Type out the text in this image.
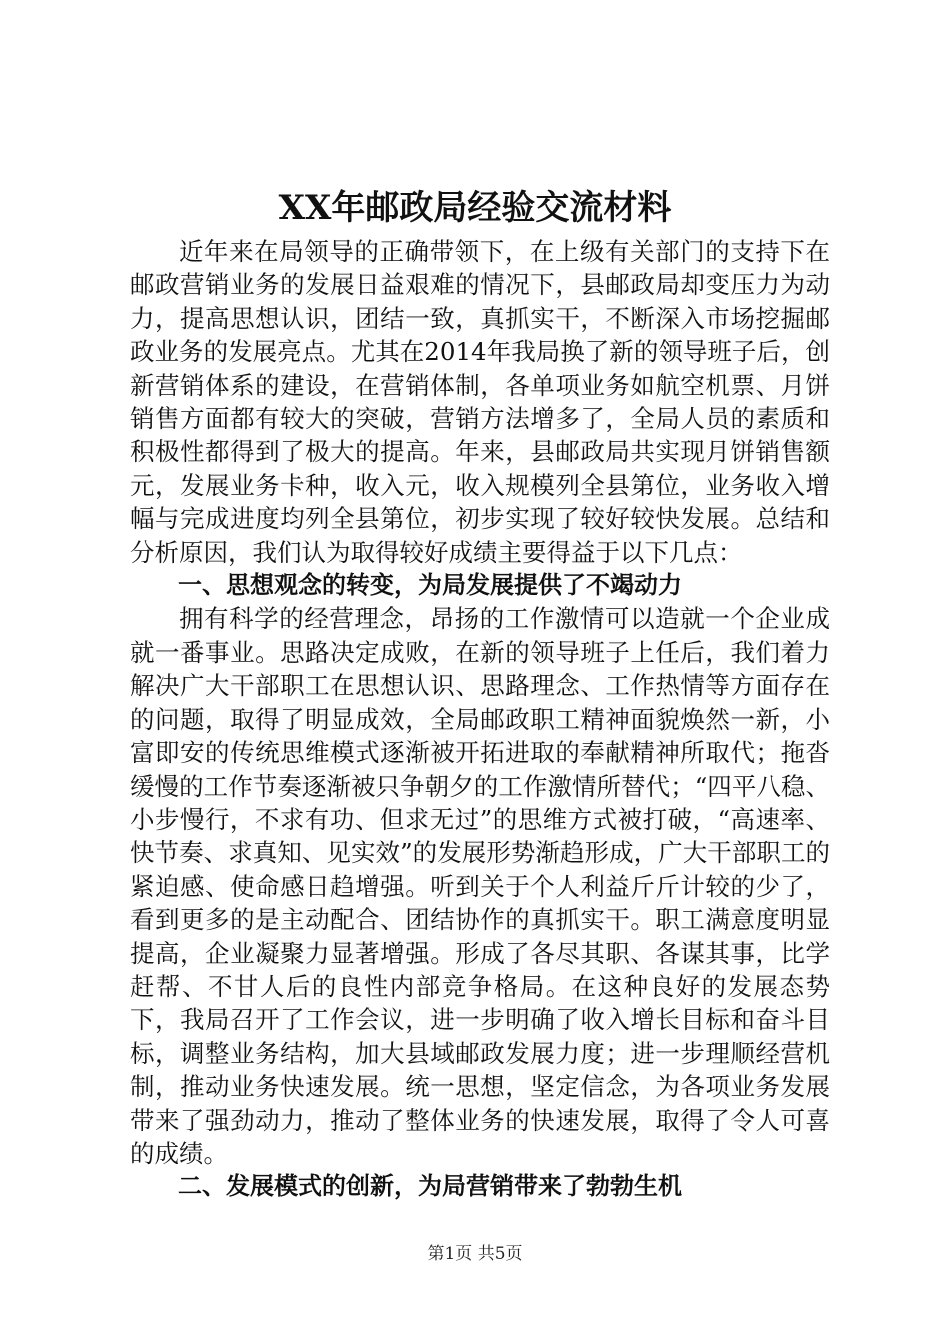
XX年邮政局经验交流材料

近年来在局领导的正确带领下，在上级有关部门的支持下在邮政营销业务的发展日益艰难的情况下，县邮政局却变压力为动力，提高思想认识，团结一致，真抓实干，不断深入市场挖掘邮政业务的发展亮点。尤其在2014年我局换了新的领导班子后，创新营销体系的建设，在营销体制，各单项业务如航空机票、月饼销售方面都有较大的突破，营销方法增多了，全局人员的素质和积极性都得到了极大的提高。年来，县邮政局共实现月饼销售额元，发展业务卡种，收入元，收入规模列全县第位，业务收入增幅与完成进度均列全县第位，初步实现了较好较快发展。总结和分析原因，我们认为取得较好成绩主要得益于以下几点：

一、思想观念的转变，为局发展提供了不竭动力

拥有科学的经营理念，昂扬的工作激情可以造就一个企业成就一番事业。思路决定成败，在新的领导班子上任后，我们着力解决广大干部职工在思想认识、思路理念、工作热情等方面存在的问题，取得了明显成效，全局邮政职工精神面貌焕然一新，小富即安的传统思维模式逐渐被开拓进取的奉献精神所取代；拖沓缓慢的工作节奏逐渐被只争朝夕的工作激情所替代；“四平八稳、小步慢行，不求有功、但求无过”的思维方式被打破，“高速率、快节奏、求真知、见实效”的发展形势渐趋形成，广大干部职工的紧迫感、使命感日趋增强。听到关于个人利益斤斤计较的少了，看到更多的是主动配合、团结协作的真抓实干。职工满意度明显提高，企业凝聚力显著增强。形成了各尽其职、各谋其事，比学赶帮、不甘人后的良性内部竞争格局。在这种良好的发展态势下，我局召开了工作会议，进一步明确了收入增长目标和奋斗目标，调整业务结构，加大县域邮政发展力度；进一步理顺经营机制，推动业务快速发展。统一思想，坚定信念，为各项业务发展带来了强劲动力，推动了整体业务的快速发展，取得了令人可喜的成绩。

二、发展模式的创新，为局营销带来了勃勃生机

第1页 共5页
